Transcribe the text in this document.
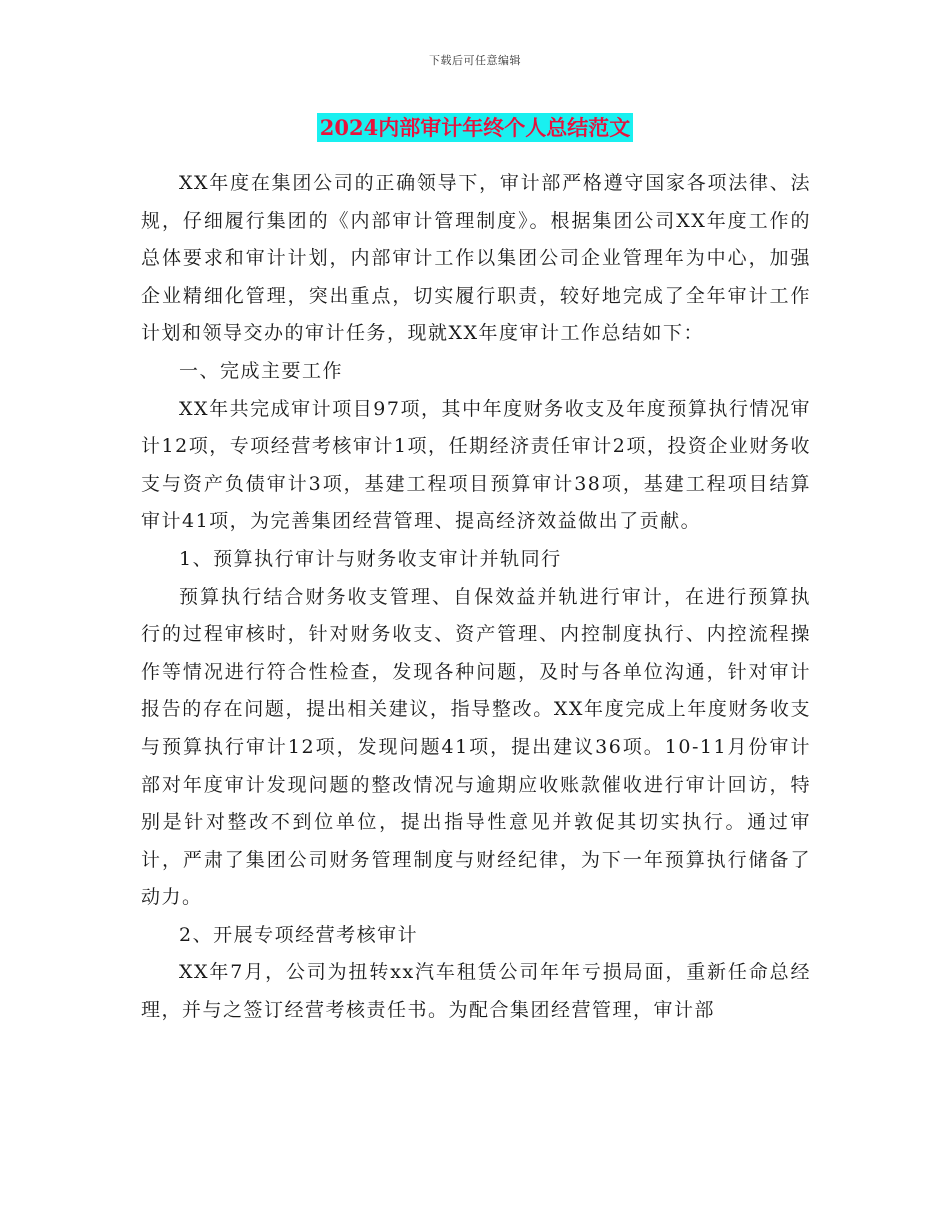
下载后可任意编辑
2024内部审计年终个人总结范文

XX年度在集团公司的正确领导下，审计部严格遵守国家各项法律、法规，仔细履行集团的《内部审计管理制度》。根据集团公司XX年度工作的总体要求和审计计划，内部审计工作以集团公司企业管理年为中心，加强企业精细化管理，突出重点，切实履行职责，较好地完成了全年审计工作计划和领导交办的审计任务，现就XX年度审计工作总结如下：

一、完成主要工作

XX年共完成审计项目97项，其中年度财务收支及年度预算执行情况审计12项，专项经营考核审计1项，任期经济责任审计2项，投资企业财务收支与资产负债审计3项，基建工程项目预算审计38项，基建工程项目结算审计41项，为完善集团经营管理、提高经济效益做出了贡献。

1、预算执行审计与财务收支审计并轨同行

预算执行结合财务收支管理、自保效益并轨进行审计，在进行预算执行的过程审核时，针对财务收支、资产管理、内控制度执行、内控流程操作等情况进行符合性检查，发现各种问题，及时与各单位沟通，针对审计报告的存在问题，提出相关建议，指导整改。XX年度完成上年度财务收支与预算执行审计12项，发现问题41项，提出建议36项。10-11月份审计部对年度审计发现问题的整改情况与逾期应收账款催收进行审计回访，特别是针对整改不到位单位，提出指导性意见并敦促其切实执行。通过审计，严肃了集团公司财务管理制度与财经纪律，为下一年预算执行储备了动力。

2、开展专项经营考核审计

XX年7月，公司为扭转xx汽车租赁公司年年亏损局面，重新任命总经理，并与之签订经营考核责任书。为配合集团经营管理，审计部
